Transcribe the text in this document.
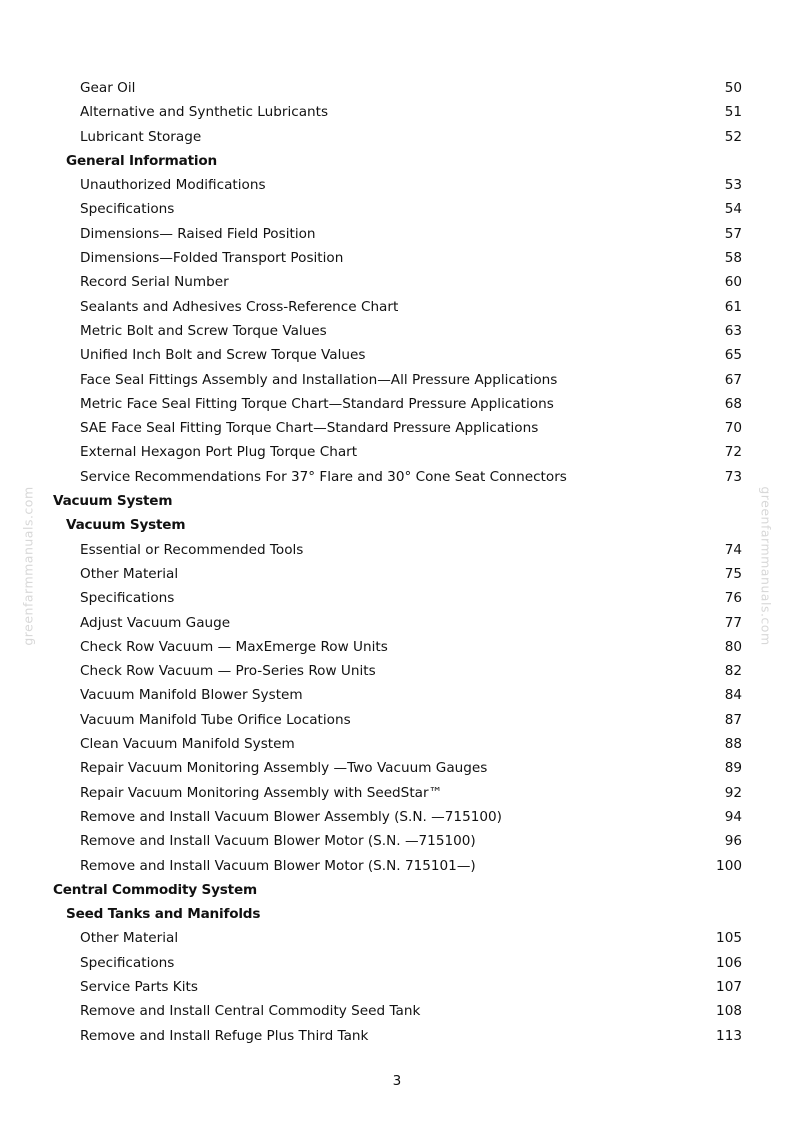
greenfarmmanuals.com	greenfarmmanuals.com
Gear Oil	50
Alternative and Synthetic Lubricants	51
Lubricant Storage	52
General Information
Unauthorized Modifications	53
Specifications	54
Dimensions— Raised Field Position	57
Dimensions—Folded Transport Position	58
Record Serial Number	60
Sealants and Adhesives Cross-Reference Chart	61
Metric Bolt and Screw Torque Values	63
Unified Inch Bolt and Screw Torque Values	65
Face Seal Fittings Assembly and Installation—All Pressure Applications	67
Metric Face Seal Fitting Torque Chart—Standard Pressure Applications	68
SAE Face Seal Fitting Torque Chart—Standard Pressure Applications	70
External Hexagon Port Plug Torque Chart	72
Service Recommendations For 37° Flare and 30° Cone Seat Connectors	73
Vacuum System
Vacuum System
Essential or Recommended Tools	74
Other Material	75
Specifications	76
Adjust Vacuum Gauge	77
Check Row Vacuum — MaxEmerge Row Units	80
Check Row Vacuum — Pro-Series Row Units	82
Vacuum Manifold Blower System	84
Vacuum Manifold Tube Orifice Locations	87
Clean Vacuum Manifold System	88
Repair Vacuum Monitoring Assembly —Two Vacuum Gauges	89
Repair Vacuum Monitoring Assembly with SeedStar™	92
Remove and Install Vacuum Blower Assembly (S.N. —715100)	94
Remove and Install Vacuum Blower Motor (S.N. —715100)	96
Remove and Install Vacuum Blower Motor (S.N. 715101—)	100
Central Commodity System
Seed Tanks and Manifolds
Other Material	105
Specifications	106
Service Parts Kits	107
Remove and Install Central Commodity Seed Tank	108
Remove and Install Refuge Plus Third Tank	113
3
